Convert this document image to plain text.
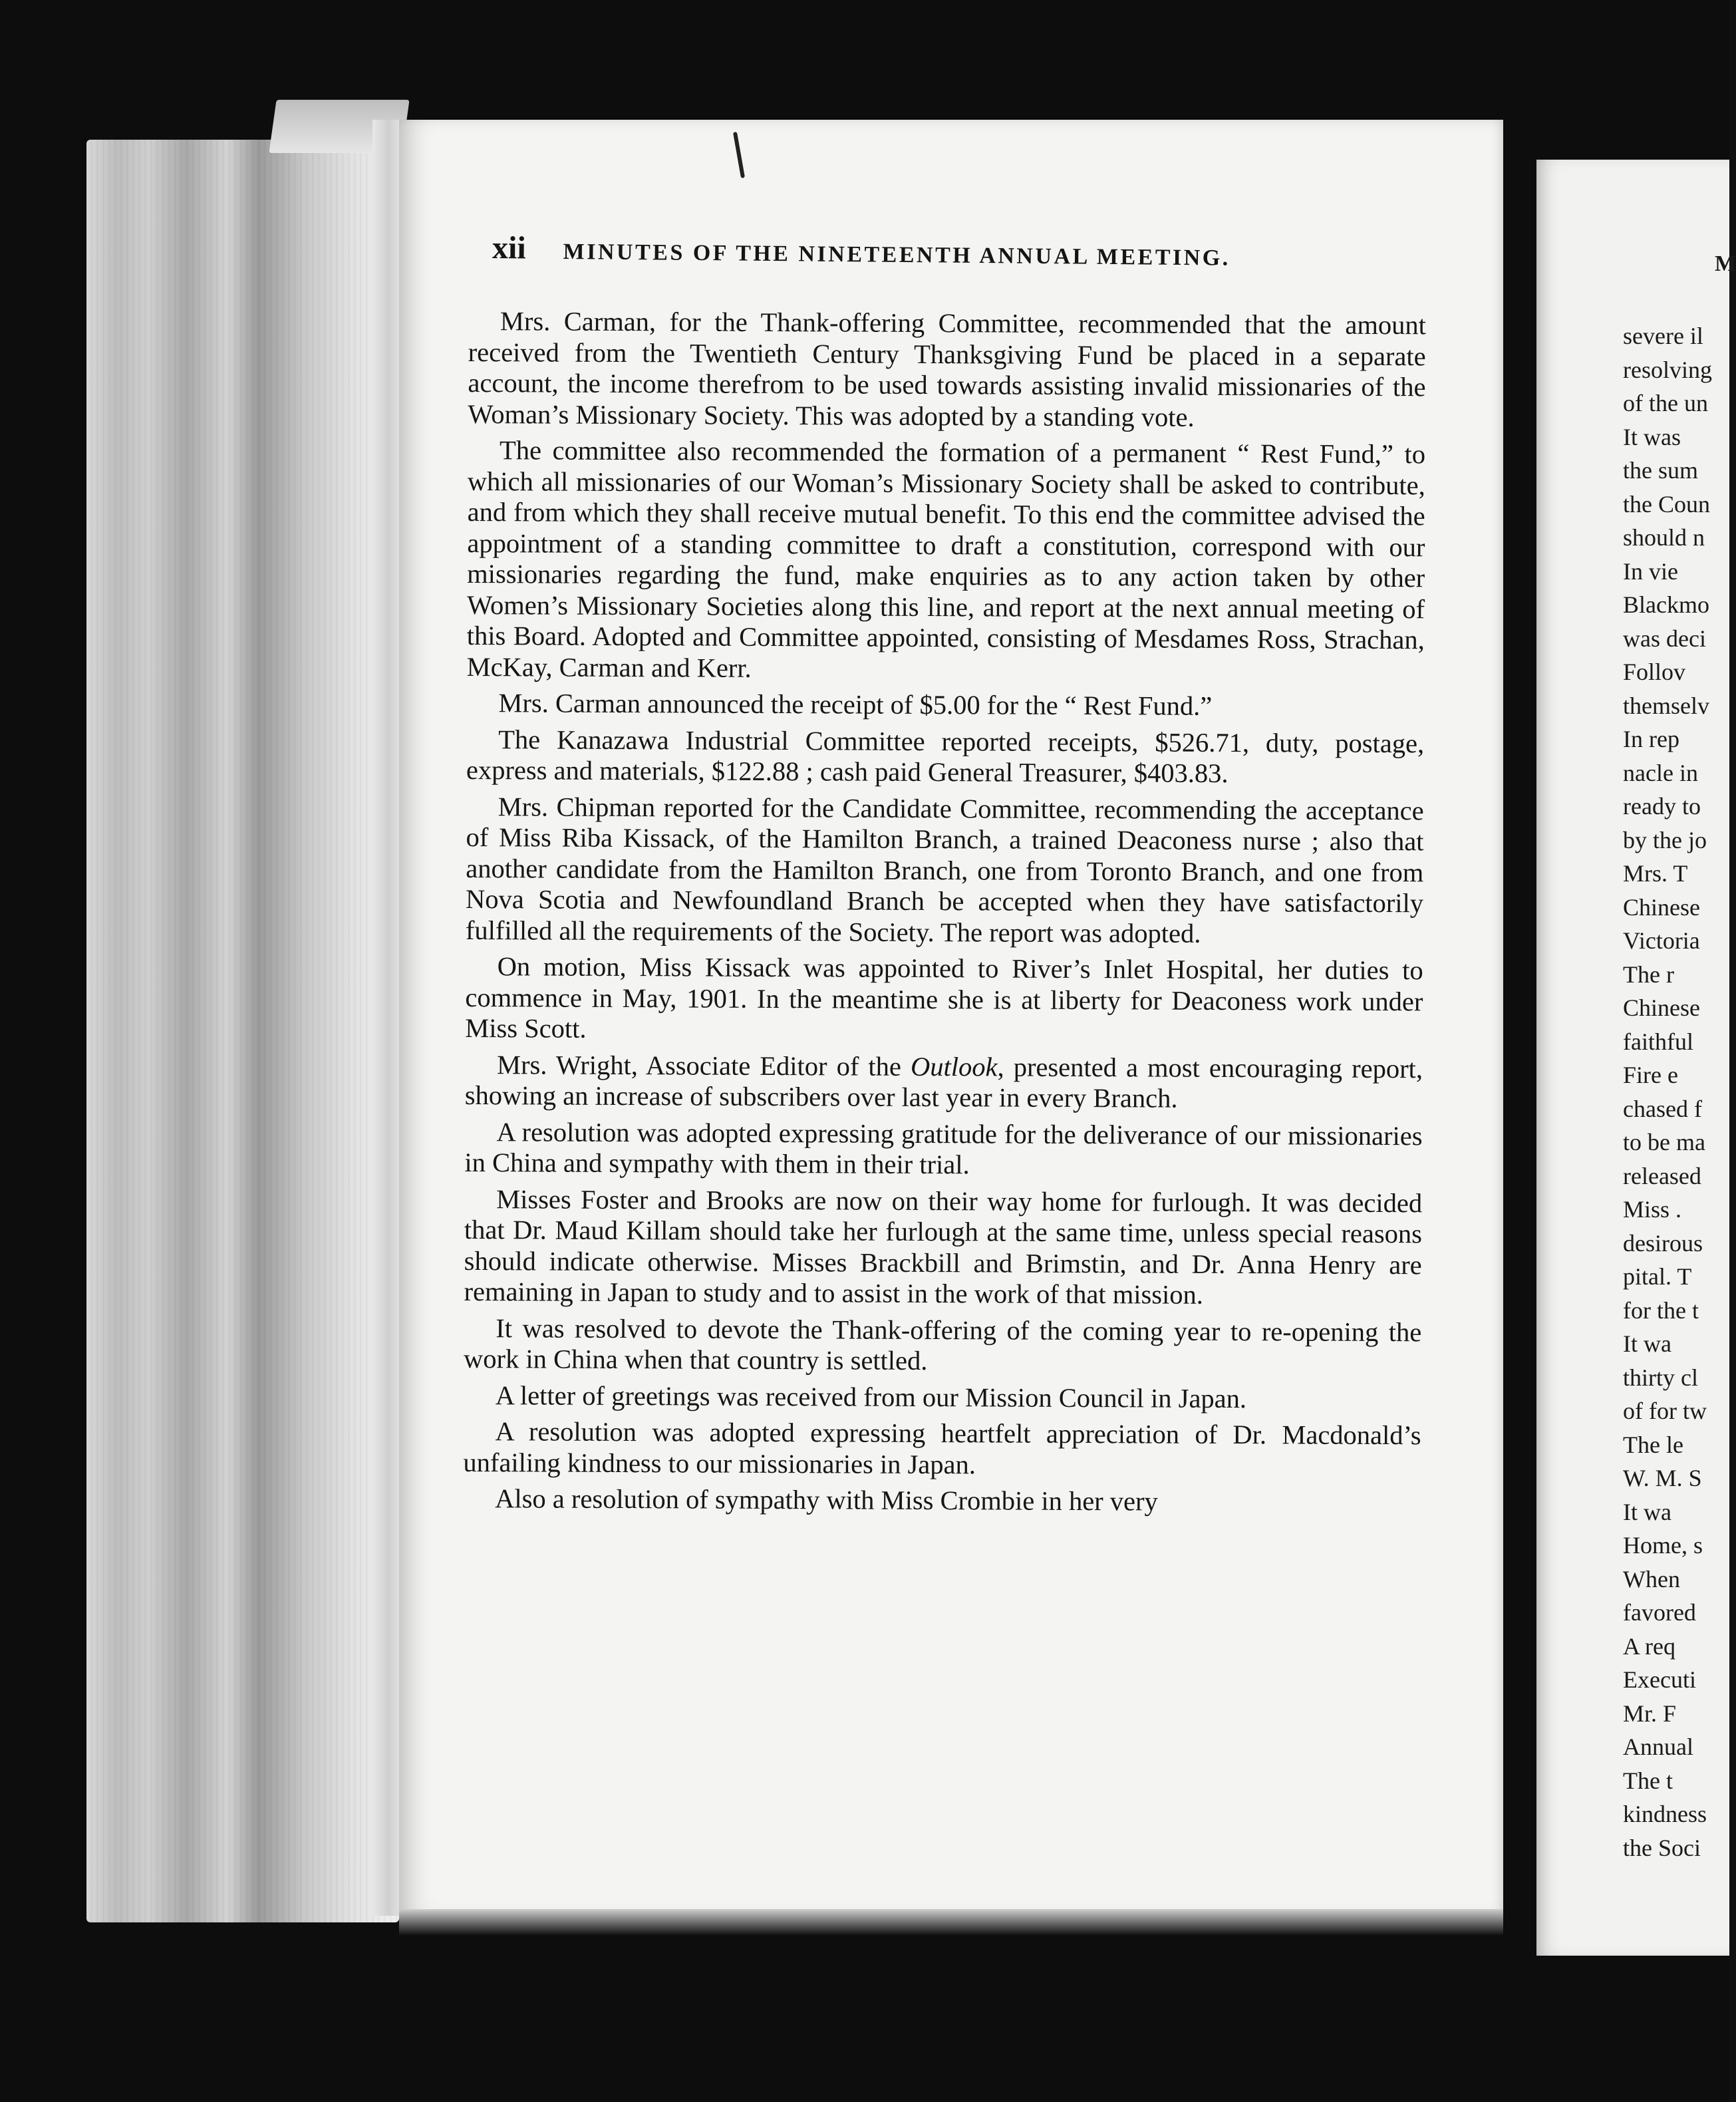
M
severe il
resolving
of the un
It was
the sum
the Coun
should n
In vie
Blackmo
was deci
Follov
themselv
In rep
nacle in
ready to
by the jo
Mrs. T
Chinese
Victoria
The r
Chinese
faithful
Fire e
chased f
to be ma
released
Miss .
desirous
pital. T
for the t
It wa
thirty cl
of for tw
The le
W. M. S
It wa
Home, s
When
favored
A req
Executi
Mr. F
Annual
The t
kindness
the Soci
xii MINUTES OF THE NINETEENTH ANNUAL MEETING.

Mrs. Carman, for the Thank-offering Committee, recommended that the amount received from the Twentieth Century Thanksgiving Fund be placed in a separate account, the income therefrom to be used towards assisting invalid missionaries of the Woman’s Missionary Society. This was adopted by a standing vote.

The committee also recommended the formation of a permanent “ Rest Fund,” to which all missionaries of our Woman’s Missionary Society shall be asked to contribute, and from which they shall receive mutual benefit. To this end the committee advised the appointment of a standing committee to draft a constitution, correspond with our missionaries regarding the fund, make enquiries as to any action taken by other Women’s Missionary Societies along this line, and report at the next annual meeting of this Board. Adopted and Committee appointed, consisting of Mesdames Ross, Strachan, McKay, Carman and Kerr.

Mrs. Carman announced the receipt of $5.00 for the “ Rest Fund.”

The Kanazawa Industrial Committee reported receipts, $526.71, duty, postage, express and materials, $122.88 ; cash paid General Treasurer, $403.83.

Mrs. Chipman reported for the Candidate Committee, recommending the acceptance of Miss Riba Kissack, of the Hamilton Branch, a trained Deaconess nurse ; also that another candidate from the Hamilton Branch, one from Toronto Branch, and one from Nova Scotia and Newfoundland Branch be accepted when they have satisfactorily fulfilled all the requirements of the Society. The report was adopted.

On motion, Miss Kissack was appointed to River’s Inlet Hospital, her duties to commence in May, 1901. In the meantime she is at liberty for Deaconess work under Miss Scott.

Mrs. Wright, Associate Editor of the Outlook, presented a most encouraging report, showing an increase of subscribers over last year in every Branch.

A resolution was adopted expressing gratitude for the deliverance of our missionaries in China and sympathy with them in their trial.

Misses Foster and Brooks are now on their way home for furlough. It was decided that Dr. Maud Killam should take her furlough at the same time, unless special reasons should indicate otherwise. Misses Brackbill and Brimstin, and Dr. Anna Henry are remaining in Japan to study and to assist in the work of that mission.

It was resolved to devote the Thank-offering of the coming year to re-opening the work in China when that country is settled.

A letter of greetings was received from our Mission Council in Japan.

A resolution was adopted expressing heartfelt appreciation of Dr. Macdonald’s unfailing kindness to our missionaries in Japan.

Also a resolution of sympathy with Miss Crombie in her very
